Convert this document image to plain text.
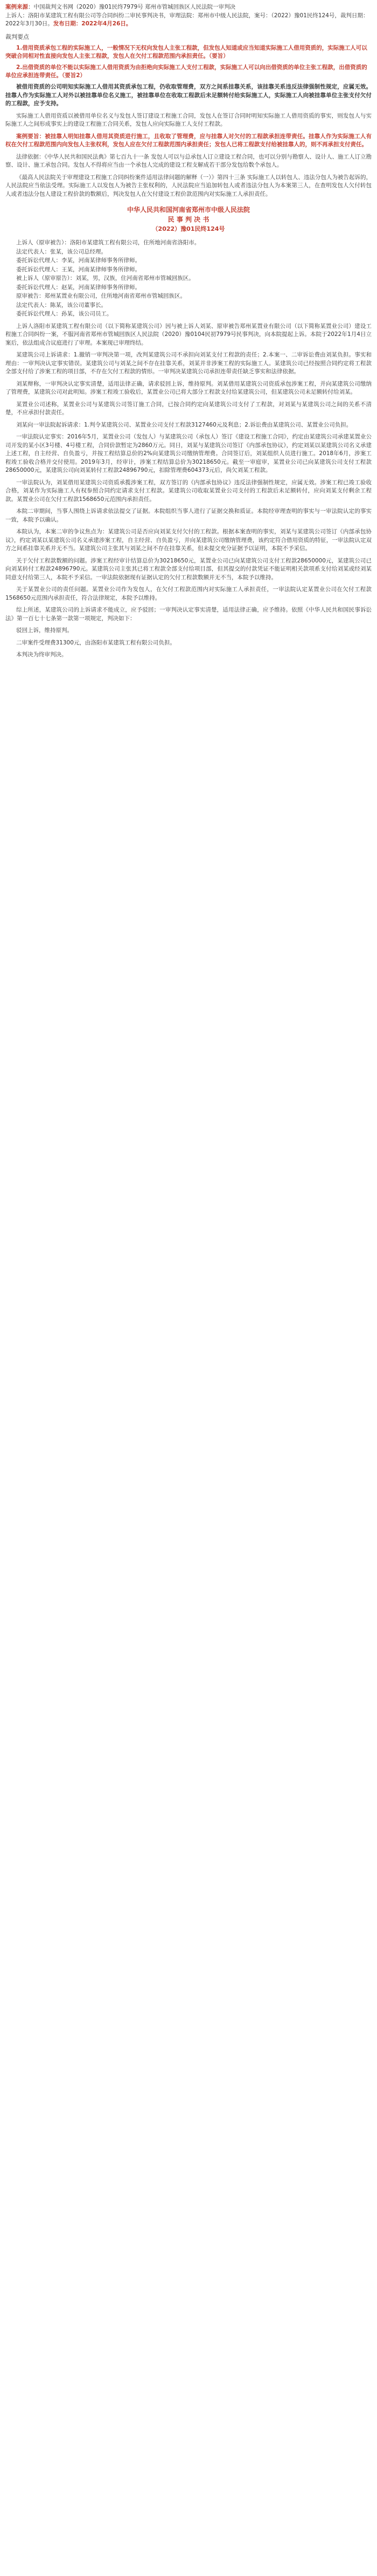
案例来源：中国裁判文书网（2020）豫01民终7979号 郑州市管城回族区人民法院一审判决

上诉人：洛阳市某建筑工程有限公司等合同纠纷二审民事判决书，审理法院：郑州市中级人民法院，案号：（2022）豫01民终124号，裁判日期：2022年3月30日。发布日期：2022年4月26日。

裁判要点

1.借用资质承包工程的实际施工人，一般情况下无权向发包人主张工程款，但发包人知道或应当知道实际施工人借用资质的，实际施工人可以突破合同相对性直接向发包人主张工程款，发包人在欠付工程款范围内承担责任。（要旨）

2.出借资质的单位不能以实际施工人借用资质为由拒绝向实际施工人支付工程款，实际施工人可以向出借资质的单位主张工程款，出借资质的单位应承担连带责任。（要旨2）

被借用资质的公司明知实际施工人借用其资质承包工程，仍收取管理费，双方之间系挂靠关系，该挂靠关系违反法律强制性规定，应属无效。挂靠人作为实际施工人对外以被挂靠单位名义施工，被挂靠单位在收取工程款后未足额转付给实际施工人，实际施工人向被挂靠单位主张支付欠付的工程款，应予支持。

实际施工人借用资质以被借用单位名义与发包人签订建设工程施工合同，发包人在签订合同时明知实际施工人借用资质的事实，则发包人与实际施工人之间形成事实上的建设工程施工合同关系，发包人应向实际施工人支付工程款。

案例要旨：被挂靠人明知挂靠人借用其资质进行施工，且收取了管理费，应与挂靠人对欠付的工程款承担连带责任。挂靠人作为实际施工人有权在欠付工程款范围内向发包人主张权利，发包人应在欠付工程款范围内承担责任；发包人已将工程款支付给被挂靠人的，则不再承担支付责任。

法律依据：《中华人民共和国民法典》第七百九十一条 发包人可以与总承包人订立建设工程合同，也可以分别与勘察人、设计人、施工人订立勘察、设计、施工承包合同。发包人不得将应当由一个承包人完成的建设工程支解成若干部分发包给数个承包人。

《最高人民法院关于审理建设工程施工合同纠纷案件适用法律问题的解释（一）》第四十三条 实际施工人以转包人、违法分包人为被告起诉的，人民法院应当依法受理。实际施工人以发包人为被告主张权利的，人民法院应当追加转包人或者违法分包人为本案第三人，在查明发包人欠付转包人或者违法分包人建设工程价款的数额后，判决发包人在欠付建设工程价款范围内对实际施工人承担责任。

中华人民共和国河南省郑州市中级人民法院
民 事 判 决 书
（2022）豫01民终124号

上诉人（原审被告）：洛阳市某建筑工程有限公司，住所地河南省洛阳市。

法定代表人：张某，该公司总经理。

委托诉讼代理人：李某，河南某律师事务所律师。

委托诉讼代理人：王某，河南某律师事务所律师。

被上诉人（原审原告）：刘某，男，汉族，住河南省郑州市管城回族区。

委托诉讼代理人：赵某，河南某律师事务所律师。

原审被告：郑州某置业有限公司，住所地河南省郑州市管城回族区。

法定代表人：陈某，该公司董事长。

委托诉讼代理人：孙某，该公司员工。

上诉人洛阳市某建筑工程有限公司（以下简称某建筑公司）因与被上诉人刘某、原审被告郑州某置业有限公司（以下简称某置业公司）建设工程施工合同纠纷一案，不服河南省郑州市管城回族区人民法院（2020）豫0104民初7979号民事判决，向本院提起上诉。本院于2022年1月4日立案后，依法组成合议庭进行了审理。本案现已审理终结。

某建筑公司上诉请求：1.撤销一审判决第一项，改判某建筑公司不承担向刘某支付工程款的责任；2.本案一、二审诉讼费由刘某负担。事实和理由：一审判决认定事实错误。某建筑公司与刘某之间不存在挂靠关系，刘某并非涉案工程的实际施工人。某建筑公司已经按照合同约定将工程款全部支付给了涉案工程的项目部，不存在欠付工程款的情形。一审判决某建筑公司承担连带责任缺乏事实和法律依据。

刘某辩称，一审判决认定事实清楚，适用法律正确，请求驳回上诉，维持原判。刘某借用某建筑公司资质承包涉案工程，并向某建筑公司缴纳了管理费，某建筑公司对此明知。涉案工程竣工验收后，某置业公司已将大部分工程款支付给某建筑公司，但某建筑公司未足额转付给刘某。

某置业公司述称，某置业公司与某建筑公司签订施工合同，已按合同约定向某建筑公司支付了工程款，对刘某与某建筑公司之间的关系不清楚，不应承担付款责任。

刘某向一审法院起诉请求：1.判令某建筑公司、某置业公司支付工程款3127460元及利息；2.诉讼费由某建筑公司、某置业公司负担。

一审法院认定事实：2016年5月，某置业公司（发包人）与某建筑公司（承包人）签订《建设工程施工合同》，约定由某建筑公司承建某置业公司开发的某小区3号楼、4号楼工程，合同价款暂定为2860万元。同日，刘某与某建筑公司签订《内部承包协议》，约定刘某以某建筑公司名义承建上述工程，自主经营、自负盈亏，并按工程结算总价的2%向某建筑公司缴纳管理费。合同签订后，刘某组织人员进行施工。2018年6月，涉案工程竣工验收合格并交付使用。2019年3月，经审计，涉案工程结算总价为30218650元。截至一审庭审，某置业公司已向某建筑公司支付工程款28650000元，某建筑公司向刘某转付工程款24896790元，扣除管理费604373元后，尚欠刘某工程款。

一审法院认为，刘某借用某建筑公司资质承揽涉案工程，双方签订的《内部承包协议》违反法律强制性规定，应属无效。涉案工程已竣工验收合格，刘某作为实际施工人有权参照合同约定请求支付工程款。某建筑公司收取某置业公司支付的工程款后未足额转付，应向刘某支付剩余工程款。某置业公司在欠付工程款1568650元范围内承担责任。

本院二审期间，当事人围绕上诉请求依法提交了证据。本院组织当事人进行了证据交换和质证。本院经审理查明的事实与一审法院认定的事实一致，本院予以确认。

本院认为，本案二审的争议焦点为：某建筑公司是否应向刘某支付欠付的工程款。根据本案查明的事实，刘某与某建筑公司签订《内部承包协议》，约定刘某以某建筑公司名义承建涉案工程，自主经营、自负盈亏，并向某建筑公司缴纳管理费，该约定符合借用资质的特征，一审法院认定双方之间系挂靠关系并无不当。某建筑公司主张其与刘某之间不存在挂靠关系，但未提交充分证据予以证明，本院不予采信。

关于欠付工程款数额的问题。涉案工程经审计结算总价为30218650元，某置业公司已向某建筑公司支付工程款28650000元，某建筑公司已向刘某转付工程款24896790元。某建筑公司主张其已将工程款全部支付给项目部，但其提交的付款凭证不能证明相关款项系支付给刘某或经刘某同意支付给第三人，本院不予采信。一审法院依据现有证据认定的欠付工程款数额并无不当，本院予以维持。

关于某置业公司的责任问题。某置业公司作为发包人，在欠付工程款范围内对实际施工人承担责任，一审法院认定某置业公司在欠付工程款1568650元范围内承担责任，符合法律规定，本院予以维持。

综上所述，某建筑公司的上诉请求不能成立，应予驳回；一审判决认定事实清楚，适用法律正确，应予维持。依照《中华人民共和国民事诉讼法》第一百七十七条第一款第一项规定，判决如下：

驳回上诉，维持原判。

二审案件受理费31300元，由洛阳市某建筑工程有限公司负担。

本判决为终审判决。
